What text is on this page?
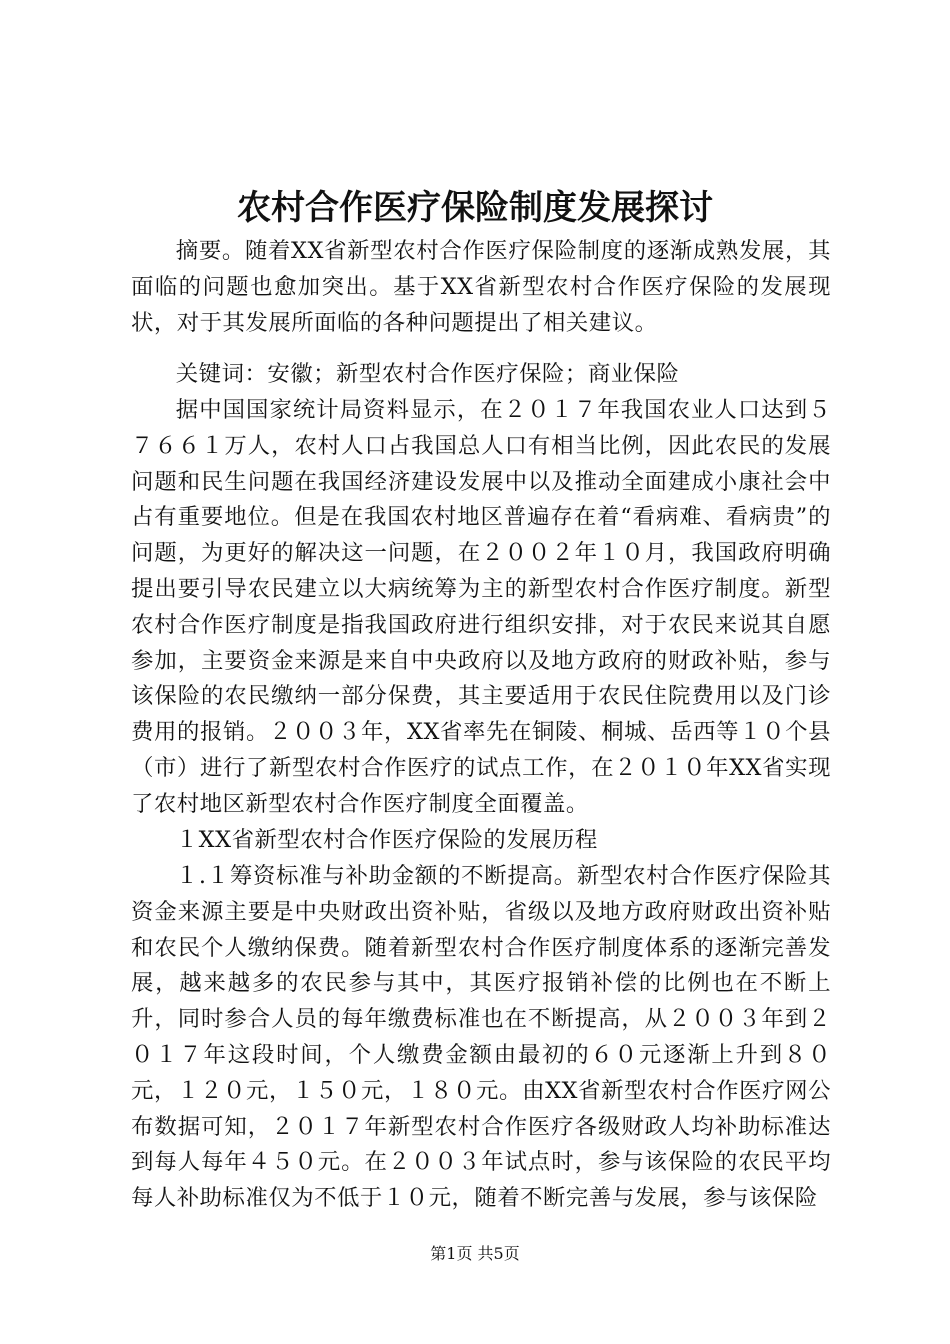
农村合作医疗保险制度发展探讨

摘要。随着XX省新型农村合作医疗保险制度的逐渐成熟发展，其面临的问题也愈加突出。基于XX省新型农村合作医疗保险的发展现状，对于其发展所面临的各种问题提出了相关建议。

关键词：安徽；新型农村合作医疗保险；商业保险

据中国国家统计局资料显示，在２０１７年我国农业人口达到５７６６１万人，农村人口占我国总人口有相当比例，因此农民的发展问题和民生问题在我国经济建设发展中以及推动全面建成小康社会中占有重要地位。但是在我国农村地区普遍存在着“看病难、看病贵”的问题，为更好的解决这一问题，在２００２年１０月，我国政府明确提出要引导农民建立以大病统筹为主的新型农村合作医疗制度。新型农村合作医疗制度是指我国政府进行组织安排，对于农民来说其自愿参加，主要资金来源是来自中央政府以及地方政府的财政补贴，参与该保险的农民缴纳一部分保费，其主要适用于农民住院费用以及门诊费用的报销。２００３年，XX省率先在铜陵、桐城、岳西等１０个县（市）进行了新型农村合作医疗的试点工作，在２０１０年XX省实现了农村地区新型农村合作医疗制度全面覆盖。

１XX省新型农村合作医疗保险的发展历程

１.１筹资标准与补助金额的不断提高。新型农村合作医疗保险其资金来源主要是中央财政出资补贴，省级以及地方政府财政出资补贴和农民个人缴纳保费。随着新型农村合作医疗制度体系的逐渐完善发展，越来越多的农民参与其中，其医疗报销补偿的比例也在不断上升，同时参合人员的每年缴费标准也在不断提高，从２００３年到２０１７年这段时间，个人缴费金额由最初的６０元逐渐上升到８０元，１２０元，１５０元，１８０元。由XX省新型农村合作医疗网公布数据可知，２０１７年新型农村合作医疗各级财政人均补助标准达到每人每年４５０元。在２００３年试点时，参与该保险的农民平均每人补助标准仅为不低于１０元，随着不断完善与发展，参与该保险

第1页 共5页
